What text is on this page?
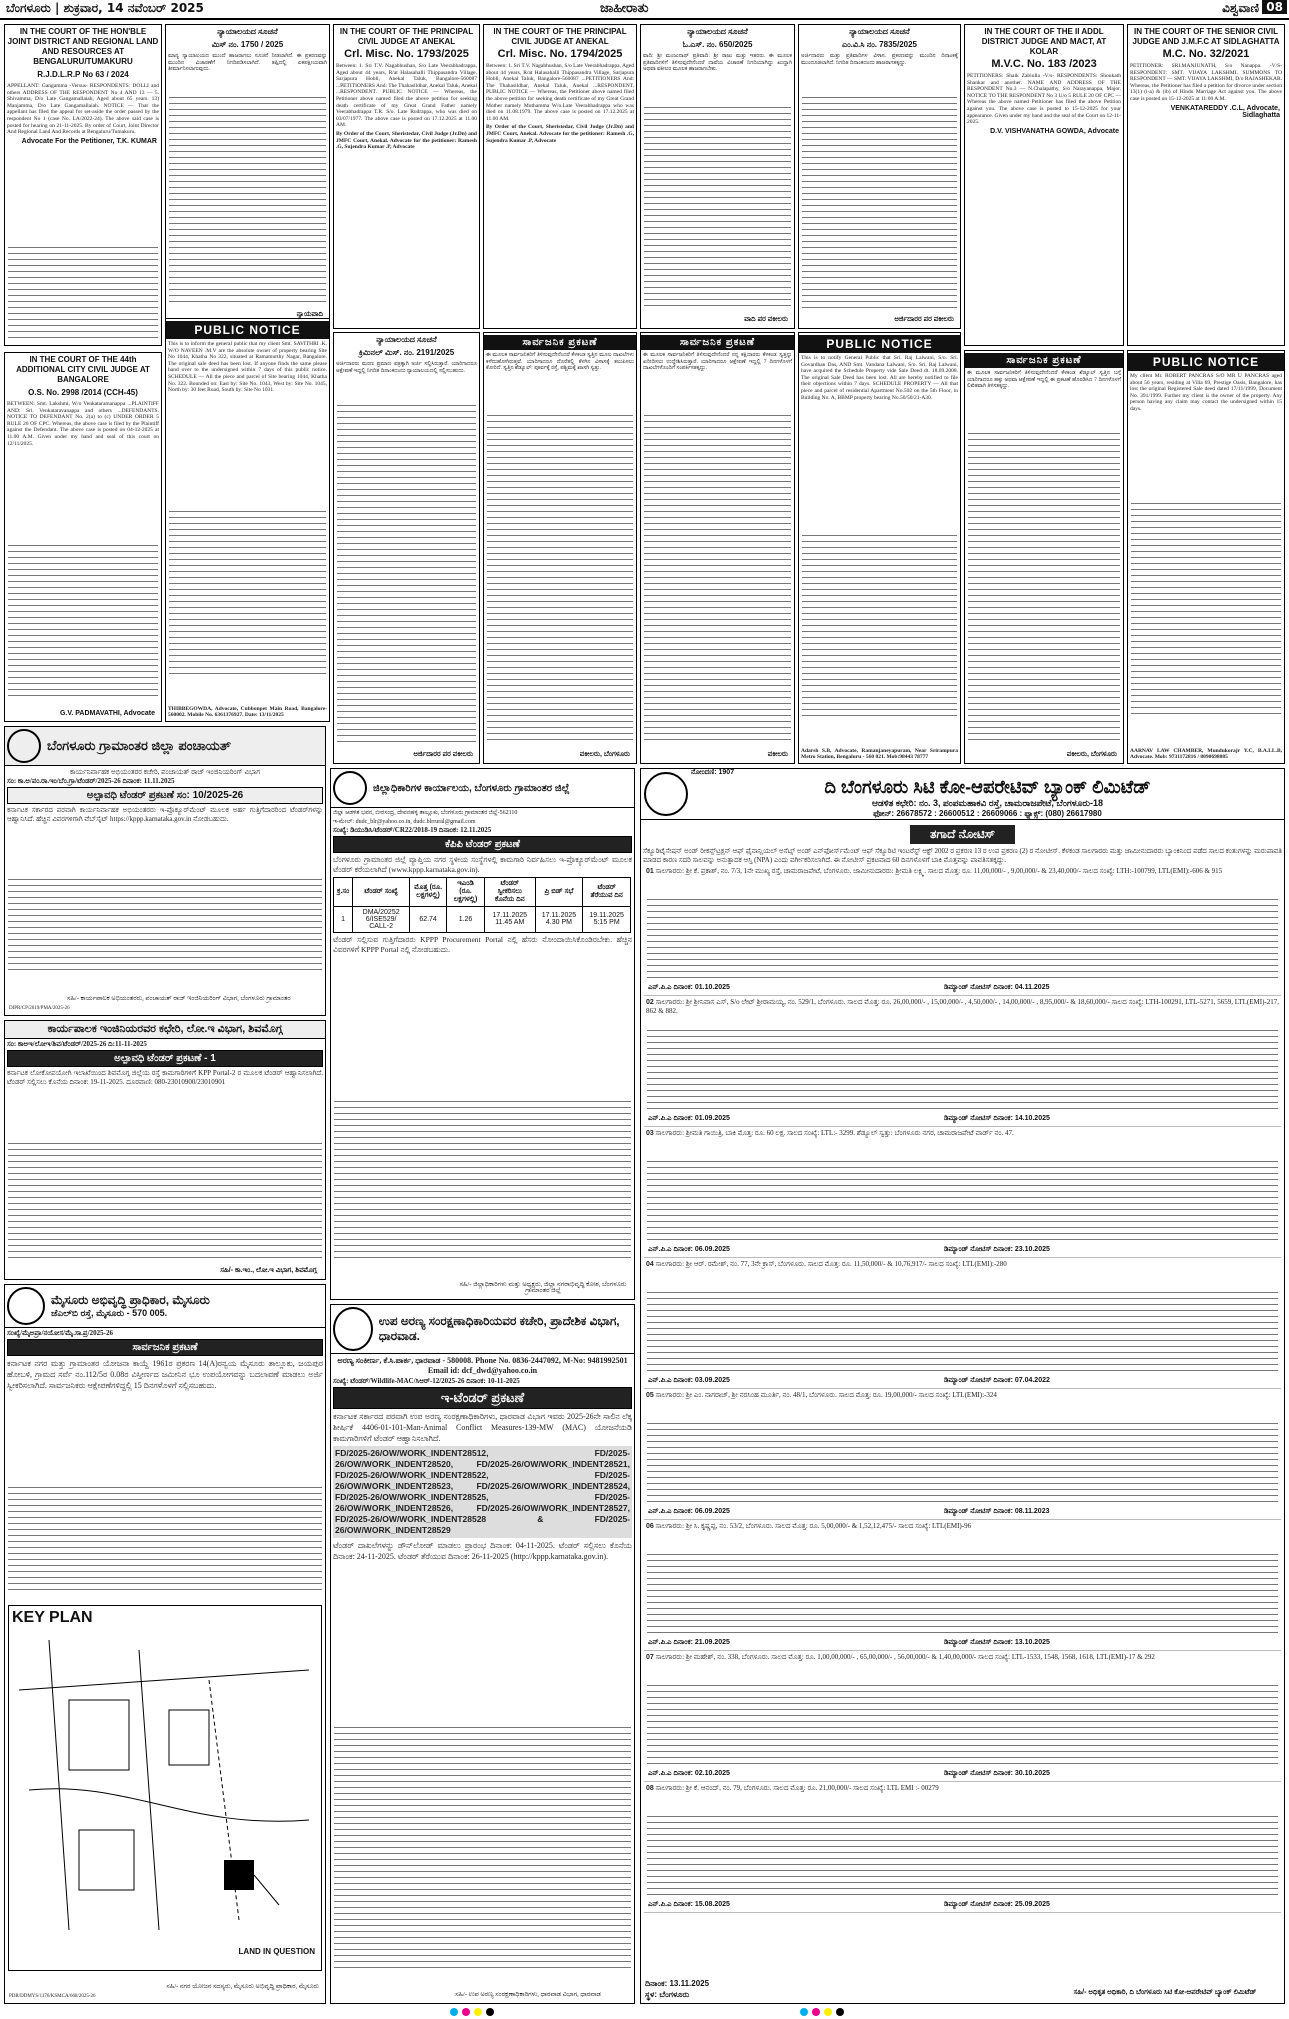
ಬೆಂಗಳೂರು | ಶುಕ್ರವಾರ, 14 ನವೆಂಬರ್ 2025	ಜಾಹೀರಾತು	ವಿಶ್ವವಾಣಿ 08
IN THE COURT OF THE HON'BLE JOINT DISTRICT AND REGIONAL LAND AND RESOURCES AT BENGALURU/TUMAKURU
R.J.D.L.R.P No 63 / 2024

APPELLANT: Gangamma -Versus- RESPONDENTS: DOLLI and others ADDRESS OF THE RESPONDENT No 4 AND 13 — 5. Shivamma, D/o Late Gangamallaiah, Aged about 65 years. 13) Manjamma, D/o Late Gangamallaiah. NOTICE — That the appellant has filed the appeal for set-aside the order passed by the respondent No 1 (case No. LA/2022-24). The above said case is posted for hearing on 21-11-2025. By order of Court, Joint Director And Regional Land And Records at Bengaluru/Tumakuru.

Advocate For the Petitioner, T.K. KUMAR

ನ್ಯಾಯಾಲಯದ ಸೂಚನೆ
ಮಿಸ್ ನಂ. 1750 / 2025

ಮಾನ್ಯ ನ್ಯಾಯಾಲಯದ ಮುಂದೆ ಹಾಜರಾಗಲು ಸೂಚನೆ ನೀಡಲಾಗಿದೆ. ಈ ಪ್ರಕರಣವನ್ನು ಮುಂದಿನ ವಿಚಾರಣೆಗೆ ನಿಗದಿಪಡಿಸಲಾಗಿದೆ. ತಪ್ಪಿದಲ್ಲಿ ಏಕಪಕ್ಷೀಯವಾಗಿ ತೀರ್ಮಾನಿಸಲಾಗುವುದು.

ನ್ಯಾಯವಾದಿ

IN THE COURT OF THE PRINCIPAL CIVIL JUDGE AT ANEKAL
Crl. Misc. No. 1793/2025

Between: 1. Sri T.V. Nagabhushan, S/o Late Veerabhadrappa, Aged about 44 years, R/at Halasahalli Thippasandra Village, Sarjapura Hobli, Anekal Taluk, Bangalore-560087 ...PETITIONERS And: The Thahasildhar, Anekal Taluk, Anekal ...RESPONDENT. PUBLIC NOTICE — Whereas, the Petitioner above named filed the above petition for seeking death certificate of my Great Grand Father namely Veerabhadrappa T.R. S/o. Late Rudrappa, who was died on 03/07/1977. The above case is posted on 17.12.2025 at 11.00 AM.

By Order of the Court, Sheristedar, Civil Judge (Jr.Dn) and JMFC Court, Anekal. Advocate for the petitioner: Ramesh .G, Sujendra Kumar .P, Advocate

IN THE COURT OF THE PRINCIPAL CIVIL JUDGE AT ANEKAL
Crl. Misc. No. 1794/2025

Between: 1. Sri T.V. Nagabhushan, S/o Late Veerabhadrappa, Aged about 44 years, R/at Halasahalli Thippasandra Village, Sarjapura Hobli, Anekal Taluk, Bangalore-560087 ...PETITIONERS And: The Thahasildhar, Anekal Taluk, Anekal ...RESPONDENT. PUBLIC NOTICE — Whereas, the Petitioner above named filed the above petition for seeking death certificate of my Great Grand Mother namely Muthamma W/o.Late Veerabhadrappa who was died on 11.08.1979. The above case is posted on 17.12.2025 at 11.00 AM.

By Order of the Court, Sheristedar, Civil Judge (Jr.Dn) and JMFC Court, Anekal. Advocate for the petitioner: Ramesh .G, Sujendra Kumar .P, Advocate

ನ್ಯಾಯಾಲಯದ ಸೂಚನೆ
ಓ.ಎಸ್. ನಂ. 650/2025

ವಾದಿ: ಶ್ರೀ ಮಂಜುನಾಥ್ ಪ್ರತಿವಾದಿ: ಶ್ರೀ ರಾಜು ಮತ್ತು ಇತರರು. ಈ ಮೂಲಕ ಪ್ರತಿವಾದಿಗಳಿಗೆ ತಿಳಿಸುವುದೇನೆಂದರೆ ದಾವೆಯ ವಿಚಾರಣೆ ನಿಗದಿಯಾಗಿದ್ದು ಖುದ್ದಾಗಿ ಅಥವಾ ವಕೀಲರ ಮೂಲಕ ಹಾಜರಾಗಬೇಕು.

ವಾದಿ ಪರ ವಕೀಲರು

ನ್ಯಾಯಾಲಯದ ಸೂಚನೆ
ಎಂ.ವಿ.ಸಿ ನಂ. 7835/2025

ಅರ್ಜಿದಾರರು ಮತ್ತು ಪ್ರತಿವಾದಿಗಳ ವಿಳಾಸ. ಪ್ರಕರಣವನ್ನು ಮುಂದಿನ ದಿನಾಂಕಕ್ಕೆ ಮುಂದೂಡಲಾಗಿದೆ. ನಿಗದಿತ ದಿನಾಂಕದಂದು ಹಾಜರಾಗತಕ್ಕದ್ದು.

ಅರ್ಜಿದಾರರ ಪರ ವಕೀಲರು

IN THE COURT OF THE II ADDL DISTRICT JUDGE AND MACT, AT KOLAR
M.V.C. No. 183 /2023

PETITIONERS: Shaik Zabiulla -V/s- RESPONDENTS: Shoukath Shankar and another. NAME AND ADDRESS OF THE RESPONDENT No.3 — N.Chalapathy, S/o Narayanappa, Major. NOTICE TO THE RESPONDENT No 3 U/o 5 RULE 20 OF CPC — Whereas the above named Petitioner has filed the above Petition against you. The above case is posted to 15-12-2025 for your appearance. Given under my hand and the seal of the Court on 12-11-2025.

D.V. VISHVANATHA GOWDA, Advocate

IN THE COURT OF THE SENIOR CIVIL JUDGE AND J.M.F.C AT SIDLAGHATTA
M.C. No. 32/2021

PETITIONER: SRI.MANJUNATH, S/o Nanappa. -V/S- RESPONDENT: SMT. VIJAYA LAKSHMI. SUMMONS TO RESPONDENT — SMT. VIJAYA LAKSHMI, D/o RAJASHEKAR. Whereas, the Petitioner has filed a petition for divorce under section 13(1) (i-a) & (ib) of Hindu Marriage Act against you. The above case is posted on 15-12-2025 at 11:00 A.M.

VENKATAREDDY .C.L, Advocate, Sidlaghatta

IN THE COURT OF THE 44th ADDITIONAL CITY CIVIL JUDGE AT BANGALORE
O.S. No. 2998 /2014 (CCH-45)

BETWEEN: Smt. Lakshmi, W/o Venkataramanappa ...PLAINTIFF AND: Sri. Venkataravanappa and others ...DEFENDANTS. NOTICE TO DEFENDANT No. 2(a) to (c) UNDER ORDER 5 RULE 20 OF CPC. Whereas, the above case is filed by the Plaintiff against the Defendant. The above case is posted on 04-12-2025 at 11.00 A.M. Given under my hand and seal of this court on 12/11/2025.

G.V. PADMAVATHI, Advocate

PUBLIC NOTICE

This is to inform the general public that my client Smt. SAVITHRI .K. W/O NAVEEN .M.V are the absolute owner of property bearing Site No 1044, Khatha No 322, situated at Ramamurthy Nagar, Bangalore. The original sale deed has been lost. If anyone finds the same please hand over to the undersigned within 7 days of this public notice. SCHEDULE — All the piece and parcel of Site bearing 1044, Khatha No. 322. Bounded on: East by: Site No. 1043, West by: Site No. 1045, North by: 30 feet Road, South by: Site No 1031.

THIBBEGOWDA, Advocate, Cubbonpet Main Road, Bangalore-560002. Mobile No. 6361376927. Date: 13/11/2025

ನ್ಯಾಯಾಲಯದ ಸೂಚನೆ
ಕ್ರಿಮಿನಲ್ ಮಿಸ್. ನಂ. 2191/2025

ಅರ್ಜಿದಾರರು ಮರಣ ಪ್ರಮಾಣ ಪತ್ರಕ್ಕಾಗಿ ಅರ್ಜಿ ಸಲ್ಲಿಸಿರುತ್ತಾರೆ. ಯಾರಿಗಾದರೂ ಆಕ್ಷೇಪಣೆ ಇದ್ದಲ್ಲಿ ನಿಗದಿತ ದಿನಾಂಕದಂದು ನ್ಯಾಯಾಲಯದಲ್ಲಿ ಸಲ್ಲಿಸಬಹುದು.

ಅರ್ಜಿದಾರರ ಪರ ವಕೀಲರು

ಸಾರ್ವಜನಿಕ ಪ್ರಕಟಣೆ

ಈ ಮೂಲಕ ಸಾರ್ವಜನಿಕರಿಗೆ ತಿಳಿಸುವುದೇನೆಂದರೆ ಕೆಳಕಂಡ ಸ್ವತ್ತಿನ ಮೂಲ ದಾಖಲೆಗಳು ಕಳೆದುಹೋಗಿರುತ್ತವೆ. ಯಾರಿಗಾದರೂ ದೊರೆತಲ್ಲಿ ಕೆಳಗಿನ ವಿಳಾಸಕ್ಕೆ ತಲುಪಿಸಲು ಕೋರಿದೆ. ಸ್ವತ್ತಿನ ಶೆಡ್ಯೂಲ್: ಪೂರ್ವಕ್ಕೆ ರಸ್ತೆ, ಪಶ್ಚಿಮಕ್ಕೆ ಖಾಸಗಿ ಸ್ವತ್ತು.

ವಕೀಲರು, ಬೆಂಗಳೂರು

ಸಾರ್ವಜನಿಕ ಪ್ರಕಟಣೆ

ಈ ಮೂಲಕ ಸಾರ್ವಜನಿಕರಿಗೆ ತಿಳಿಸುವುದೇನೆಂದರೆ ನನ್ನ ಕಕ್ಷಿದಾರರು ಕೆಳಕಂಡ ಸ್ವತ್ತನ್ನು ಖರೀದಿಸಲು ಉದ್ದೇಶಿಸಿರುತ್ತಾರೆ. ಯಾರಿಗಾದರೂ ಆಕ್ಷೇಪಣೆ ಇದ್ದಲ್ಲಿ 7 ದಿನಗಳೊಳಗೆ ದಾಖಲೆಗಳೊಂದಿಗೆ ಸಂಪರ್ಕಿಸತಕ್ಕದ್ದು.

ವಕೀಲರು

PUBLIC NOTICE

This is to notify General Public that Sri. Raj Lalwani, S/o. Sri. Govardhan Das, AND Smt. Vandana Lalwani, S/o. Sri. Raj Lalwani, have acquired the Schedule Property vide Sale Deed dt. 18.09.2008. The original Sale Deed has been lost. All are hereby notified to file their objections within 7 days. SCHEDULE PROPERTY — All that piece and parcel of residential Apartment No.502 on the 5th Floor, in Building No. A, BBMP property bearing No.50/50/21-A30.

Adarsh S.B, Advocate, Ramanjaneyapuram, Near Srirampura Metro Station, Bengaluru - 560 021. Mob:98443 78777

ಸಾರ್ವಜನಿಕ ಪ್ರಕಟಣೆ

ಈ ಮೂಲಕ ಸಾರ್ವಜನಿಕರಿಗೆ ತಿಳಿಸುವುದೇನೆಂದರೆ ಕೆಳಕಂಡ ಶೆಡ್ಯೂಲ್ ಸ್ವತ್ತಿನ ಬಗ್ಗೆ ಯಾರಿಗಾದರೂ ಹಕ್ಕು ಅಥವಾ ಆಕ್ಷೇಪಣೆ ಇದ್ದಲ್ಲಿ ಈ ಪ್ರಕಟಣೆ ಹೊರಡಿಸಿದ 7 ದಿನಗಳೊಳಗೆ ಲಿಖಿತವಾಗಿ ತಿಳಿಸತಕ್ಕದ್ದು.

ವಕೀಲರು, ಬೆಂಗಳೂರು

PUBLIC NOTICE

My client Mr. ROBERT PANCRAS S/O MR U PANCRAS aged about 56 years, residing at Villa 69, Prestige Oasis, Bangalore, has lost the original Registered Sale deed dated 17/11/1999, Document No. 391/1999. Further my client is the owner of the property. Any person having any claim may contact the undersigned within 15 days.

AARNAV LAW CHAMBER, Mundukorajr Y.C, B.A.LL.B, Advocate. Mob: 9731172816 / 8090698085

ಬೆಂಗಳೂರು ಗ್ರಾಮಾಂತರ ಜಿಲ್ಲಾ ಪಂಚಾಯತ್

ಕಾರ್ಯನಿರ್ವಾಹಕ ಅಭಿಯಂತರರ ಕಚೇರಿ, ಪಂಚಾಯತ್ ರಾಜ್ ಇಂಜಿನಿಯರಿಂಗ್ ವಿಭಾಗ

ಸಂ: ಕಾ.ಅ/ಪಂ.ರಾ.ಇಂ/ಬೆಂ.ಗ್ರಾ/ಟೆಂಡರ್/2025-26 ದಿನಾಂಕ: 11.11.2025

ಅಲ್ಪಾವಧಿ ಟೆಂಡರ್ ಪ್ರಕಟಣೆ ಸಂ: 10/2025-26

ಕರ್ನಾಟಕ ಸರ್ಕಾರದ ಪರವಾಗಿ ಕಾರ್ಯನಿರ್ವಾಹಕ ಅಭಿಯಂತರರು ಇ-ಪ್ರೊಕ್ಯೂರ್‌ಮೆಂಟ್ ಮೂಲಕ ಅರ್ಹ ಗುತ್ತಿಗೆದಾರರಿಂದ ಟೆಂಡರ್‌ಗಳನ್ನು ಆಹ್ವಾನಿಸಿದೆ. ಹೆಚ್ಚಿನ ವಿವರಗಳಿಗಾಗಿ ವೆಬ್‌ಸೈಟ್ https://kppp.karnataka.gov.in ನೋಡಬಹುದು.

ಸಹಿ/- ಕಾರ್ಯಪಾಲಕ ಅಭಿಯಂತರರು, ಪಂಚಾಯತ್ ರಾಜ್ ಇಂಜಿನಿಯರಿಂಗ್ ವಿಭಾಗ, ಬೆಂಗಳೂರು ಗ್ರಾಮಾಂತರ

DIPR/CP/2619/PMA/2025-26

ಕಾರ್ಯಪಾಲಕ ಇಂಜಿನಿಯರವರ ಕಛೇರಿ, ಲೋ.ಇ ವಿಭಾಗ, ಶಿವಮೊಗ್ಗ

ಸಂ: ಕಾಅಇ/ಲೋಇ/ಶಿವ/ಟೆಂಡರ್/2025-26 ದಿ:11-11-2025

ಅಲ್ಪಾವಧಿ ಟೆಂಡರ್ ಪ್ರಕಟಣೆ - 1

ಕರ್ನಾಟಕ ಲೋಕೋಪಯೋಗಿ ಇಲಾಖೆಯಿಂದ ಶಿವಮೊಗ್ಗ ಜಿಲ್ಲೆಯ ರಸ್ತೆ ಕಾಮಗಾರಿಗಳಿಗೆ KPP Portal-2 ರ ಮೂಲಕ ಟೆಂಡರ್ ಆಹ್ವಾನಿಸಲಾಗಿದೆ. ಟೆಂಡರ್ ಸಲ್ಲಿಸಲು ಕೊನೆಯ ದಿನಾಂಕ: 19-11-2025. ದೂರವಾಣಿ: 080-23010900/23010901

ಸಹಿ/- ಕಾ.ಇಂ., ಲೋ.ಇ ವಿಭಾಗ, ಶಿವಮೊಗ್ಗ

ಮೈಸೂರು ಅಭಿವೃದ್ಧಿ ಪ್ರಾಧಿಕಾರ, ಮೈಸೂರು
ಜೆಎಲ್‌ಬಿ ರಸ್ತೆ, ಮೈಸೂರು - 570 005.

ಸಂಖ್ಯೆ/ಮೈಅಪ್ರಾ/ನಯೋಸ/ಮೈ.ಸಾ.ಪ್ರ/2025-26

ಸಾರ್ವಜನಿಕ ಪ್ರಕಟಣೆ

ಕರ್ನಾಟಕ ನಗರ ಮತ್ತು ಗ್ರಾಮಾಂತರ ಯೋಜನಾ ಕಾಯ್ದೆ 1961ರ ಪ್ರಕರಣ 14(A)ರನ್ವಯ ಮೈಸೂರು ತಾಲ್ಲೂಕು, ಜಯಪುರ ಹೋಬಳಿ, ಗ್ರಾಮದ ಸರ್ವೆ ನಂ.112/5ರ 0.08ರ ವಿಸ್ತೀರ್ಣದ ಜಮೀನಿನ ಭೂ ಉಪಯೋಗವನ್ನು ಬದಲಾವಣೆ ಮಾಡಲು ಅರ್ಜಿ ಸ್ವೀಕರಿಸಲಾಗಿದೆ. ಸಾರ್ವಜನಿಕರು ಆಕ್ಷೇಪಣೆಗಳಿದ್ದಲ್ಲಿ 15 ದಿನಗಳೊಳಗೆ ಸಲ್ಲಿಸಬಹುದು.

KEY PLAN
LAND IN QUESTION

ಸಹಿ/- ನಗರ ಯೋಜನ ಸದಸ್ಯರು, ಮೈಸೂರು ಅಭಿವೃದ್ಧಿ ಪ್ರಾಧಿಕಾರ, ಮೈಸೂರು

PDR/DDMYS/1176/KSMCA/668/2025-26

ಜಿಲ್ಲಾಧಿಕಾರಿಗಳ ಕಾರ್ಯಾಲಯ, ಬೆಂಗಳೂರು ಗ್ರಾಮಾಂತರ ಜಿಲ್ಲೆ

ಜಿಲ್ಲಾ ಆಡಳಿತ ಭವನ, ಬೀರಸಂದ್ರ, ದೇವನಹಳ್ಳಿ ತಾಲ್ಲೂಕು, ಬೆಂಗಳೂರು ಗ್ರಾಮಾಂತರ ಜಿಲ್ಲೆ-562110

ಇ-ಮೇಲ್: dudc_blr@yahoo.co.in, dudc.blrrural@gmail.com

ಸಂಖ್ಯೆ: ಡಿಯುಡಿಸಿ/ಟೆಂಡರ್/CR22/2018-19 ದಿನಾಂಕ: 12.11.2025

ಕೆಪಿಪಿ ಟೆಂಡರ್ ಪ್ರಕಟಣೆ

ಬೆಂಗಳೂರು ಗ್ರಾಮಾಂತರ ಜಿಲ್ಲೆ ವ್ಯಾಪ್ತಿಯ ನಗರ ಸ್ಥಳೀಯ ಸಂಸ್ಥೆಗಳಲ್ಲಿ ಕಾಮಗಾರಿ ನಿರ್ವಹಿಸಲು ಇ-ಪ್ರೊಕ್ಯೂರ್‌ಮೆಂಟ್ ಮೂಲಕ ಟೆಂಡರ್ ಕರೆಯಲಾಗಿದೆ (www.kppp.karnataka.gov.in).

ಕ್ರ.ಸಂ	ಟೆಂಡರ್ ಸಂಖ್ಯೆ	ಮೊತ್ತ (ರೂ. ಲಕ್ಷಗಳಲ್ಲಿ)	ಇಎಂಡಿ (ರೂ. ಲಕ್ಷಗಳಲ್ಲಿ)	ಟೆಂಡರ್ ಸ್ವೀಕರಿಸಲು ಕೊನೆಯ ದಿನ	ಪ್ರಿ ಬಿಡ್ ಸಭೆ	ಟೆಂಡರ್ ತೆರೆಯುವ ದಿನ
1	DMA/20252 6/ISE529/ CALL-2	62.74	1.26	17.11.2025 11.45 AM	17.11.2025 4.30 PM	19.11.2025 5:15 PM

ಟೆಂಡರ್ ಸಲ್ಲಿಸುವ ಗುತ್ತಿಗೆದಾರರು KPPP Procurement Portal ನಲ್ಲಿ ಹೆಸರು ನೋಂದಾಯಿಸಿಕೊಂಡಿರಬೇಕು. ಹೆಚ್ಚಿನ ವಿವರಗಳಿಗೆ KPPP Portal ನಲ್ಲಿ ನೋಡಬಹುದು.

ಸಹಿ/- ಜಿಲ್ಲಾಧಿಕಾರಿಗಳು ಮತ್ತು ಅಧ್ಯಕ್ಷರು, ಜಿಲ್ಲಾ ನಗರಾಭಿವೃದ್ಧಿ ಕೋಶ, ಬೆಂಗಳೂರು ಗ್ರಾಮಾಂತರ ಜಿಲ್ಲೆ

ಉಪ ಅರಣ್ಯ ಸಂರಕ್ಷಣಾಧಿಕಾರಿಯವರ ಕಚೇರಿ, ಪ್ರಾದೇಶಿಕ ವಿಭಾಗ, ಧಾರವಾಡ.

ಅರಣ್ಯ ಸಂಕೀರ್ಣ, ಕೆ.ಸಿ.ಪಾರ್ಕ, ಧಾರವಾಡ - 580008. Phone No. 0836-2447092, M-No: 9481992501 Email id: dcf_dwd@yahoo.co.in

ಸಂಖ್ಯೆ: ಟೆಂಡರ್/Wildlife-MAC/ಸಿಆರ್-12/2025-26 ದಿನಾಂಕ: 10-11-2025

ಇ-ಟೆಂಡರ್ ಪ್ರಕಟಣೆ

ಕರ್ನಾಟಕ ಸರ್ಕಾರದ ಪರವಾಗಿ ಉಪ ಅರಣ್ಯ ಸಂರಕ್ಷಣಾಧಿಕಾರಿಗಳು, ಧಾರವಾಡ ವಿಭಾಗ ಇವರು 2025-26ನೇ ಸಾಲಿನ ಲೆಕ್ಕ ಶೀರ್ಷಿಕೆ 4406-01-101-Man-Animal Conflict Measures-139-MW (MAC) ಯೋಜನೆಯಡಿ ಕಾಮಗಾರಿಗಳಿಗೆ ಟೆಂಡರ್ ಆಹ್ವಾನಿಸಲಾಗಿದೆ.

FD/2025-26/OW/WORK_INDENT28512, FD/2025-26/OW/WORK_INDENT28520, FD/2025-26/OW/WORK_INDENT28521, FD/2025-26/OW/WORK_INDENT28522, FD/2025-26/OW/WORK_INDENT28523, FD/2025-26/OW/WORK_INDENT28524, FD/2025-26/OW/WORK_INDENT28525, FD/2025-26/OW/WORK_INDENT28526, FD/2025-26/OW/WORK_INDENT28527, FD/2025-26/OW/WORK_INDENT28528 & FD/2025-26/OW/WORK_INDENT28529

ಟೆಂಡರ್ ದಾಖಲೆಗಳನ್ನು ಡೌನ್‌ಲೋಡ್ ಮಾಡಲು ಪ್ರಾರಂಭ ದಿನಾಂಕ: 04-11-2025. ಟೆಂಡರ್ ಸಲ್ಲಿಸಲು ಕೊನೆಯ ದಿನಾಂಕ: 24-11-2025. ಟೆಂಡರ್ ತೆರೆಯುವ ದಿನಾಂಕ: 26-11-2025 (http://kppp.karnataka.gov.in).

ಸಹಿ/- ಉಪ ಅರಣ್ಯ ಸಂರಕ್ಷಣಾಧಿಕಾರಿಗಳು, ಧಾರವಾಡ ವಿಭಾಗ, ಧಾರವಾಡ

ನೋಂದಣಿ: 1907
ದಿ ಬೆಂಗಳೂರು ಸಿಟಿ ಕೋ-ಆಪರೇಟಿವ್ ಬ್ಯಾಂಕ್ ಲಿಮಿಟೆಡ್
ಆಡಳಿತ ಕಛೇರಿ: ನಂ. 3, ಪಂಪಮಹಾಕವಿ ರಸ್ತೆ, ಚಾಮರಾಜಪೇಟೆ, ಬೆಂಗಳೂರು-18
ಫೋನ್: 26678572 : 26600512 : 26609066 : ಫ್ಯಾಕ್ಸ್: (080) 26617980
ತಗಾದೆ ನೋಟಿಸ್

ಸೆಕ್ಯೂರಿಟೈಸೇಷನ್ ಅಂಡ್ ರೀಕನ್ಸ್‌ಟ್ರಕ್ಷನ್ ಆಫ್ ಫೈನಾನ್ಷಿಯಲ್ ಅಸೆಟ್ಸ್ ಅಂಡ್ ಎನ್‌ಫೋರ್ಸ್‌ಮೆಂಟ್ ಆಫ್ ಸೆಕ್ಯೂರಿಟಿ ಇಂಟರೆಸ್ಟ್ ಆಕ್ಟ್ 2002 ರ ಪ್ರಕರಣ 13 ರ ಉಪ ಪ್ರಕರಣ (2) ರ ನೋಟೀಸ್. ಕೆಳಕಂಡ ಸಾಲಗಾರರು ಮತ್ತು ಜಾಮೀನುದಾರರು ಬ್ಯಾಂಕಿನಿಂದ ಪಡೆದ ಸಾಲದ ಕಂತುಗಳನ್ನು ಮರುಪಾವತಿ ಮಾಡದ ಕಾರಣ ಸದರಿ ಸಾಲವನ್ನು ಅನುತ್ಪಾದಕ ಆಸ್ತಿ (NPA) ಎಂದು ವರ್ಗೀಕರಿಸಲಾಗಿದೆ. ಈ ನೋಟೀಸ್ ಪ್ರಕಟವಾದ 60 ದಿನಗಳೊಳಗೆ ಬಾಕಿ ಮೊತ್ತವನ್ನು ಪಾವತಿಸತಕ್ಕದ್ದು.

01 ಸಾಲಗಾರರು: ಶ್ರೀ ಕೆ. ಪ್ರಕಾಶ್, ನಂ. 7/3, 1ನೇ ಮುಖ್ಯ ರಸ್ತೆ, ಚಾಮರಾಜಪೇಟೆ, ಬೆಂಗಳೂರು. ಜಾಮೀನುದಾರರು: ಶ್ರೀಮತಿ ಲಕ್ಷ್ಮಿ. ಸಾಲದ ಮೊತ್ತ: ರೂ. 11,00,000/- , 9,00,000/- & 23,40,000/- ಸಾಲದ ಸಂಖ್ಯೆ: LTH:-100799, LTL(EMI):-606 & 915

ಎನ್.ಪಿ.ಎ ದಿನಾಂಕ: 01.10.2025	ಡಿಮ್ಯಾಂಡ್ ನೋಟಿಸ್ ದಿನಾಂಕ: 04.11.2025

02 ಸಾಲಗಾರರು: ಶ್ರೀ ಶ್ರೀನಿವಾಸ ಎಸ್, S/o ಲೇಟ್ ಶ್ರೀರಾಮಯ್ಯ, ನಂ. 529/1, ಬೆಂಗಳೂರು. ಸಾಲದ ಮೊತ್ತ: ರೂ. 26,00,000/- , 15,00,000/- , 4,50,000/- , 14,00,000/- , 8,95,000/- & 18,60,000/- ಸಾಲದ ಸಂಖ್ಯೆ: LTH-100291, LTL-5271, 5659, LTL(EMI)-217, 862 & 882.

ಎನ್.ಪಿ.ಎ ದಿನಾಂಕ: 01.09.2025	ಡಿಮ್ಯಾಂಡ್ ನೋಟಿಸ್ ದಿನಾಂಕ: 14.10.2025

03 ಸಾಲಗಾರರು: ಶ್ರೀಮತಿ ಗಾಯಿತ್ರಿ, ಬಾಕಿ ಮೊತ್ತ: ರೂ. 60 ಲಕ್ಷ. ಸಾಲದ ಸಂಖ್ಯೆ: LTL:- 3299. ಶೆಡ್ಯೂಲ್ ಸ್ವತ್ತು: ಬೆಂಗಳೂರು ನಗರ, ಚಾಮರಾಜಪೇಟೆ ವಾರ್ಡ್ ನಂ. 47.

ಎನ್.ಪಿ.ಎ ದಿನಾಂಕ: 06.09.2025	ಡಿಮ್ಯಾಂಡ್ ನೋಟಿಸ್ ದಿನಾಂಕ: 23.10.2025

04 ಸಾಲಗಾರರು: ಶ್ರೀ ಆರ್. ರಮೇಶ್, ನಂ. 77, 3ನೇ ಕ್ರಾಸ್, ಬೆಂಗಳೂರು. ಸಾಲದ ಮೊತ್ತ: ರೂ. 11,50,000/- & 10,76,917/- ಸಾಲದ ಸಂಖ್ಯೆ: LTL(EMI):-280

ಎನ್.ಪಿ.ಎ ದಿನಾಂಕ: 03.09.2025	ಡಿಮ್ಯಾಂಡ್ ನೋಟಿಸ್ ದಿನಾಂಕ: 07.04.2022

05 ಸಾಲಗಾರರು: ಶ್ರೀ ಎಂ. ನಾಗರಾಜ್, ಶ್ರೀ ನರಸಿಂಹ ಮೂರ್ತಿ, ನಂ. 48/1, ಬೆಂಗಳೂರು. ಸಾಲದ ಮೊತ್ತ: ರೂ. 19,00,000/- ಸಾಲದ ಸಂಖ್ಯೆ: LTL(EMI):-324

ಎನ್.ಪಿ.ಎ ದಿನಾಂಕ: 06.09.2025	ಡಿಮ್ಯಾಂಡ್ ನೋಟಿಸ್ ದಿನಾಂಕ: 08.11.2023

06 ಸಾಲಗಾರರು: ಶ್ರೀ ಸಿ. ಕೃಷ್ಣಪ್ಪ, ನಂ. 53/2, ಬೆಂಗಳೂರು. ಸಾಲದ ಮೊತ್ತ: ರೂ. 5,00,000/- & 1,52,12,475/- ಸಾಲದ ಸಂಖ್ಯೆ: LTL(EMI)-96

ಎನ್.ಪಿ.ಎ ದಿನಾಂಕ: 21.09.2025	ಡಿಮ್ಯಾಂಡ್ ನೋಟಿಸ್ ದಿನಾಂಕ: 13.10.2025

07 ಸಾಲಗಾರರು: ಶ್ರೀ ಮಹೇಶ್, ನಂ. 338, ಬೆಂಗಳೂರು. ಸಾಲದ ಮೊತ್ತ: ರೂ. 1,00,00,000/- , 65,00,000/- , 56,00,000/- & 1,40,00,000/- ಸಾಲದ ಸಂಖ್ಯೆ: LTL-1533, 1548, 1568, 1618, LTL(EMI)-17 & 292

ಎನ್.ಪಿ.ಎ ದಿನಾಂಕ: 02.10.2025	ಡಿಮ್ಯಾಂಡ್ ನೋಟಿಸ್ ದಿನಾಂಕ: 30.10.2025

08 ಸಾಲಗಾರರು: ಶ್ರೀ ಕೆ. ಆನಂದ್, ನಂ. 79, ಬೆಂಗಳೂರು. ಸಾಲದ ಮೊತ್ತ: ರೂ. 21,00,000/- ಸಾಲದ ಸಂಖ್ಯೆ: LTL EMI :- 00279

ಎನ್.ಪಿ.ಎ ದಿನಾಂಕ: 15.08.2025	ಡಿಮ್ಯಾಂಡ್ ನೋಟಿಸ್ ದಿನಾಂಕ: 25.09.2025
ದಿನಾಂಕ: 13.11.2025
ಸ್ಥಳ: ಬೆಂಗಳೂರು	ಸಹಿ/- ಅಧಿಕೃತ ಅಧಿಕಾರಿ, ದಿ ಬೆಂಗಳೂರು ಸಿಟಿ ಕೋ-ಆಪರೇಟಿವ್ ಬ್ಯಾಂಕ್ ಲಿಮಿಟೆಡ್
